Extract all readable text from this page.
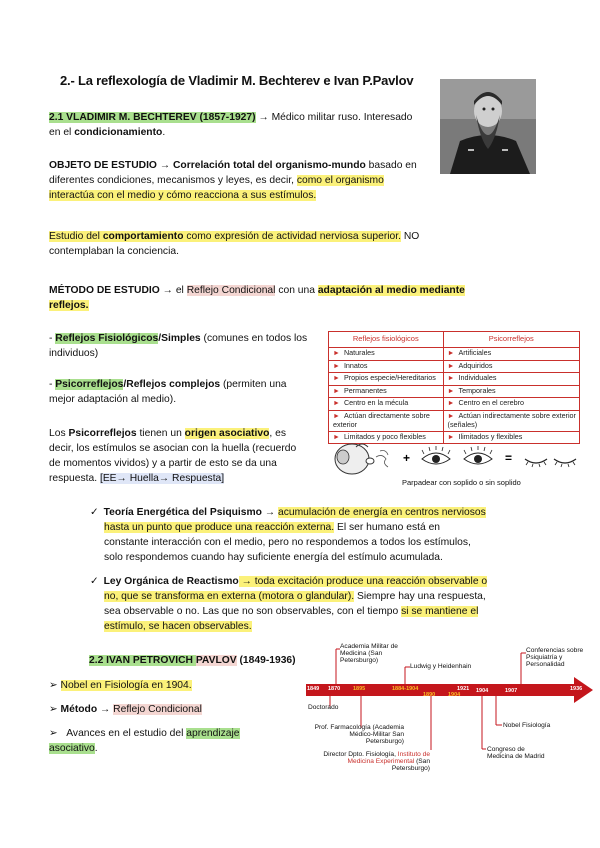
2.- La reflexología de Vladimir M. Bechterev e Ivan P.Pavlov

2.1 VLADIMIR M. BECHTEREV (1857-1927) → Médico militar ruso. Interesado

en el condicionamiento.

OBJETO DE ESTUDIO → Correlación total del organismo-mundo basado en

diferentes condiciones, mecanismos y leyes, es decir, como el organismo

interactúa con el medio y cómo reacciona a sus estímulos.

Estudio del comportamiento como expresión de actividad nerviosa superior. NO

contemplaban la conciencia.

MÉTODO DE ESTUDIO → el Reflejo Condicional con una adaptación al medio mediante

reflejos.

- Reflejos Fisiológicos/Simples (comunes en todos los

individuos)

- Psicorreflejos/Reflejos complejos (permiten una

mejor adaptación al medio).

Los Psicorreflejos tienen un origen asociativo, es

decir, los estímulos se asocian con la huella (recuerdo

de momentos vividos) y a partir de esto se da una

respuesta. [EE→ Huella→ Respuesta]

Reflejos fisiológicos	Psicorreflejos
► Naturales	► Artificiales
► Innatos	► Adquiridos
► Propios especie/Hereditarios	► Individuales
► Permanentes	► Temporales
► Centro en la mécula	► Centro en el cerebro
► Actúan directamente sobre exterior	► Actúan indirectamente sobre exterior (señales)
► Limitados y poco flexibles	► Ilimitados y flexibles
+	=
Parpadear con soplido o sin soplido

✓ Teoría Energética del Psiquismo → acumulación de energía en centros nerviosos

hasta un punto que produce una reacción externa. El ser humano está en

constante interacción con el medio, pero no respondemos a todos los estímulos,

solo respondemos cuando hay suficiente energía del estímulo acumulada.

✓ Ley Orgánica de Reactismo → toda excitación produce una reacción observable o

no, que se transforma en externa (motora o glandular). Siempre hay una respuesta,

sea observable o no. Las que no son observables, con el tiempo si se mantiene el

estímulo, se hacen observables.

2.2 IVAN PETROVICH PAVLOV (1849-1936)

➢ Nobel en Fisiología en 1904.

➢ Método → Reflejo Condicional

➢ Avances en el estudio del aprendizaje

asociativo.

1849 1870 1895	1884-1904
1890 1904
1921 1904	1907	1936
Academia Militar de Medicina (San Petersburgo)
Ludwig y Heidenhain
Conferencias sobre Psiquiatría y Personalidad
Doctorado
Prof. Farmacología (Academia Médico-Militar San Petersburgo)
Director Dpto. Fisiología, Instituto de Medicina Experimental (San Petersburgo)
Nobel Fisiología
Congreso de Medicina de Madrid
